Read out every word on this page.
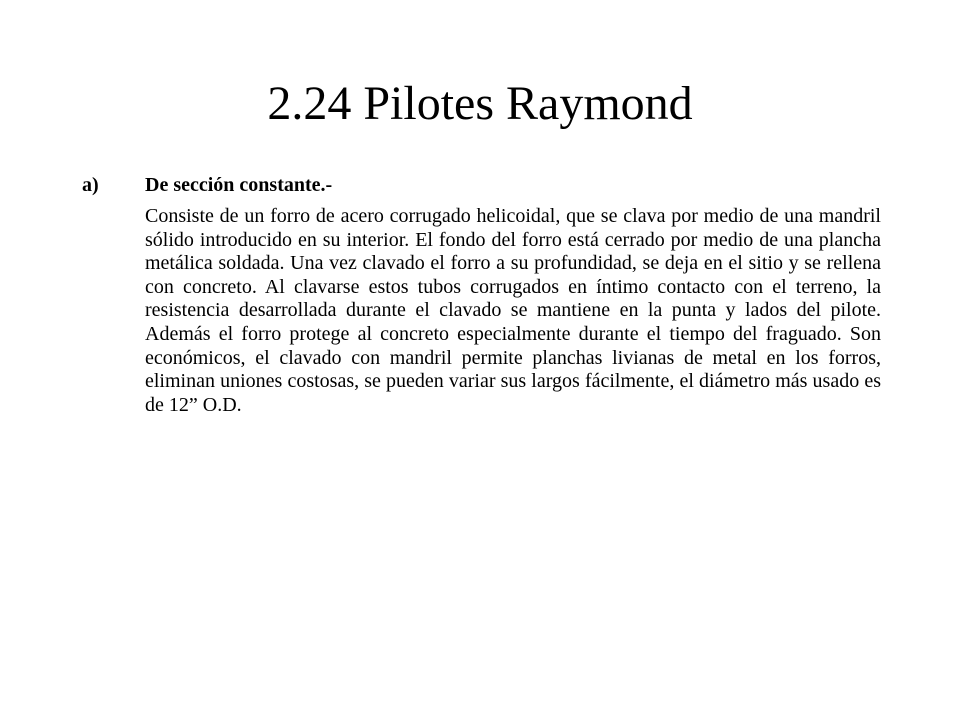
2.24 Pilotes Raymond
a) De sección constante.-

Consiste de un forro de acero corrugado helicoidal, que se clava por medio de una mandril sólido introducido en su interior. El fondo del forro está cerrado por medio de una plancha metálica soldada. Una vez clavado el forro a su profundidad, se deja en el sitio y se rellena con concreto. Al clavarse estos tubos corrugados en íntimo contacto con el terreno, la resistencia desarrollada durante el clavado se mantiene en la punta y lados del pilote. Además el forro protege al concreto especialmente durante el tiempo del fraguado. Son económicos, el clavado con mandril permite planchas livianas de metal en los forros, eliminan uniones costosas, se pueden variar sus largos fácilmente, el diámetro más usado es de 12” O.D.
